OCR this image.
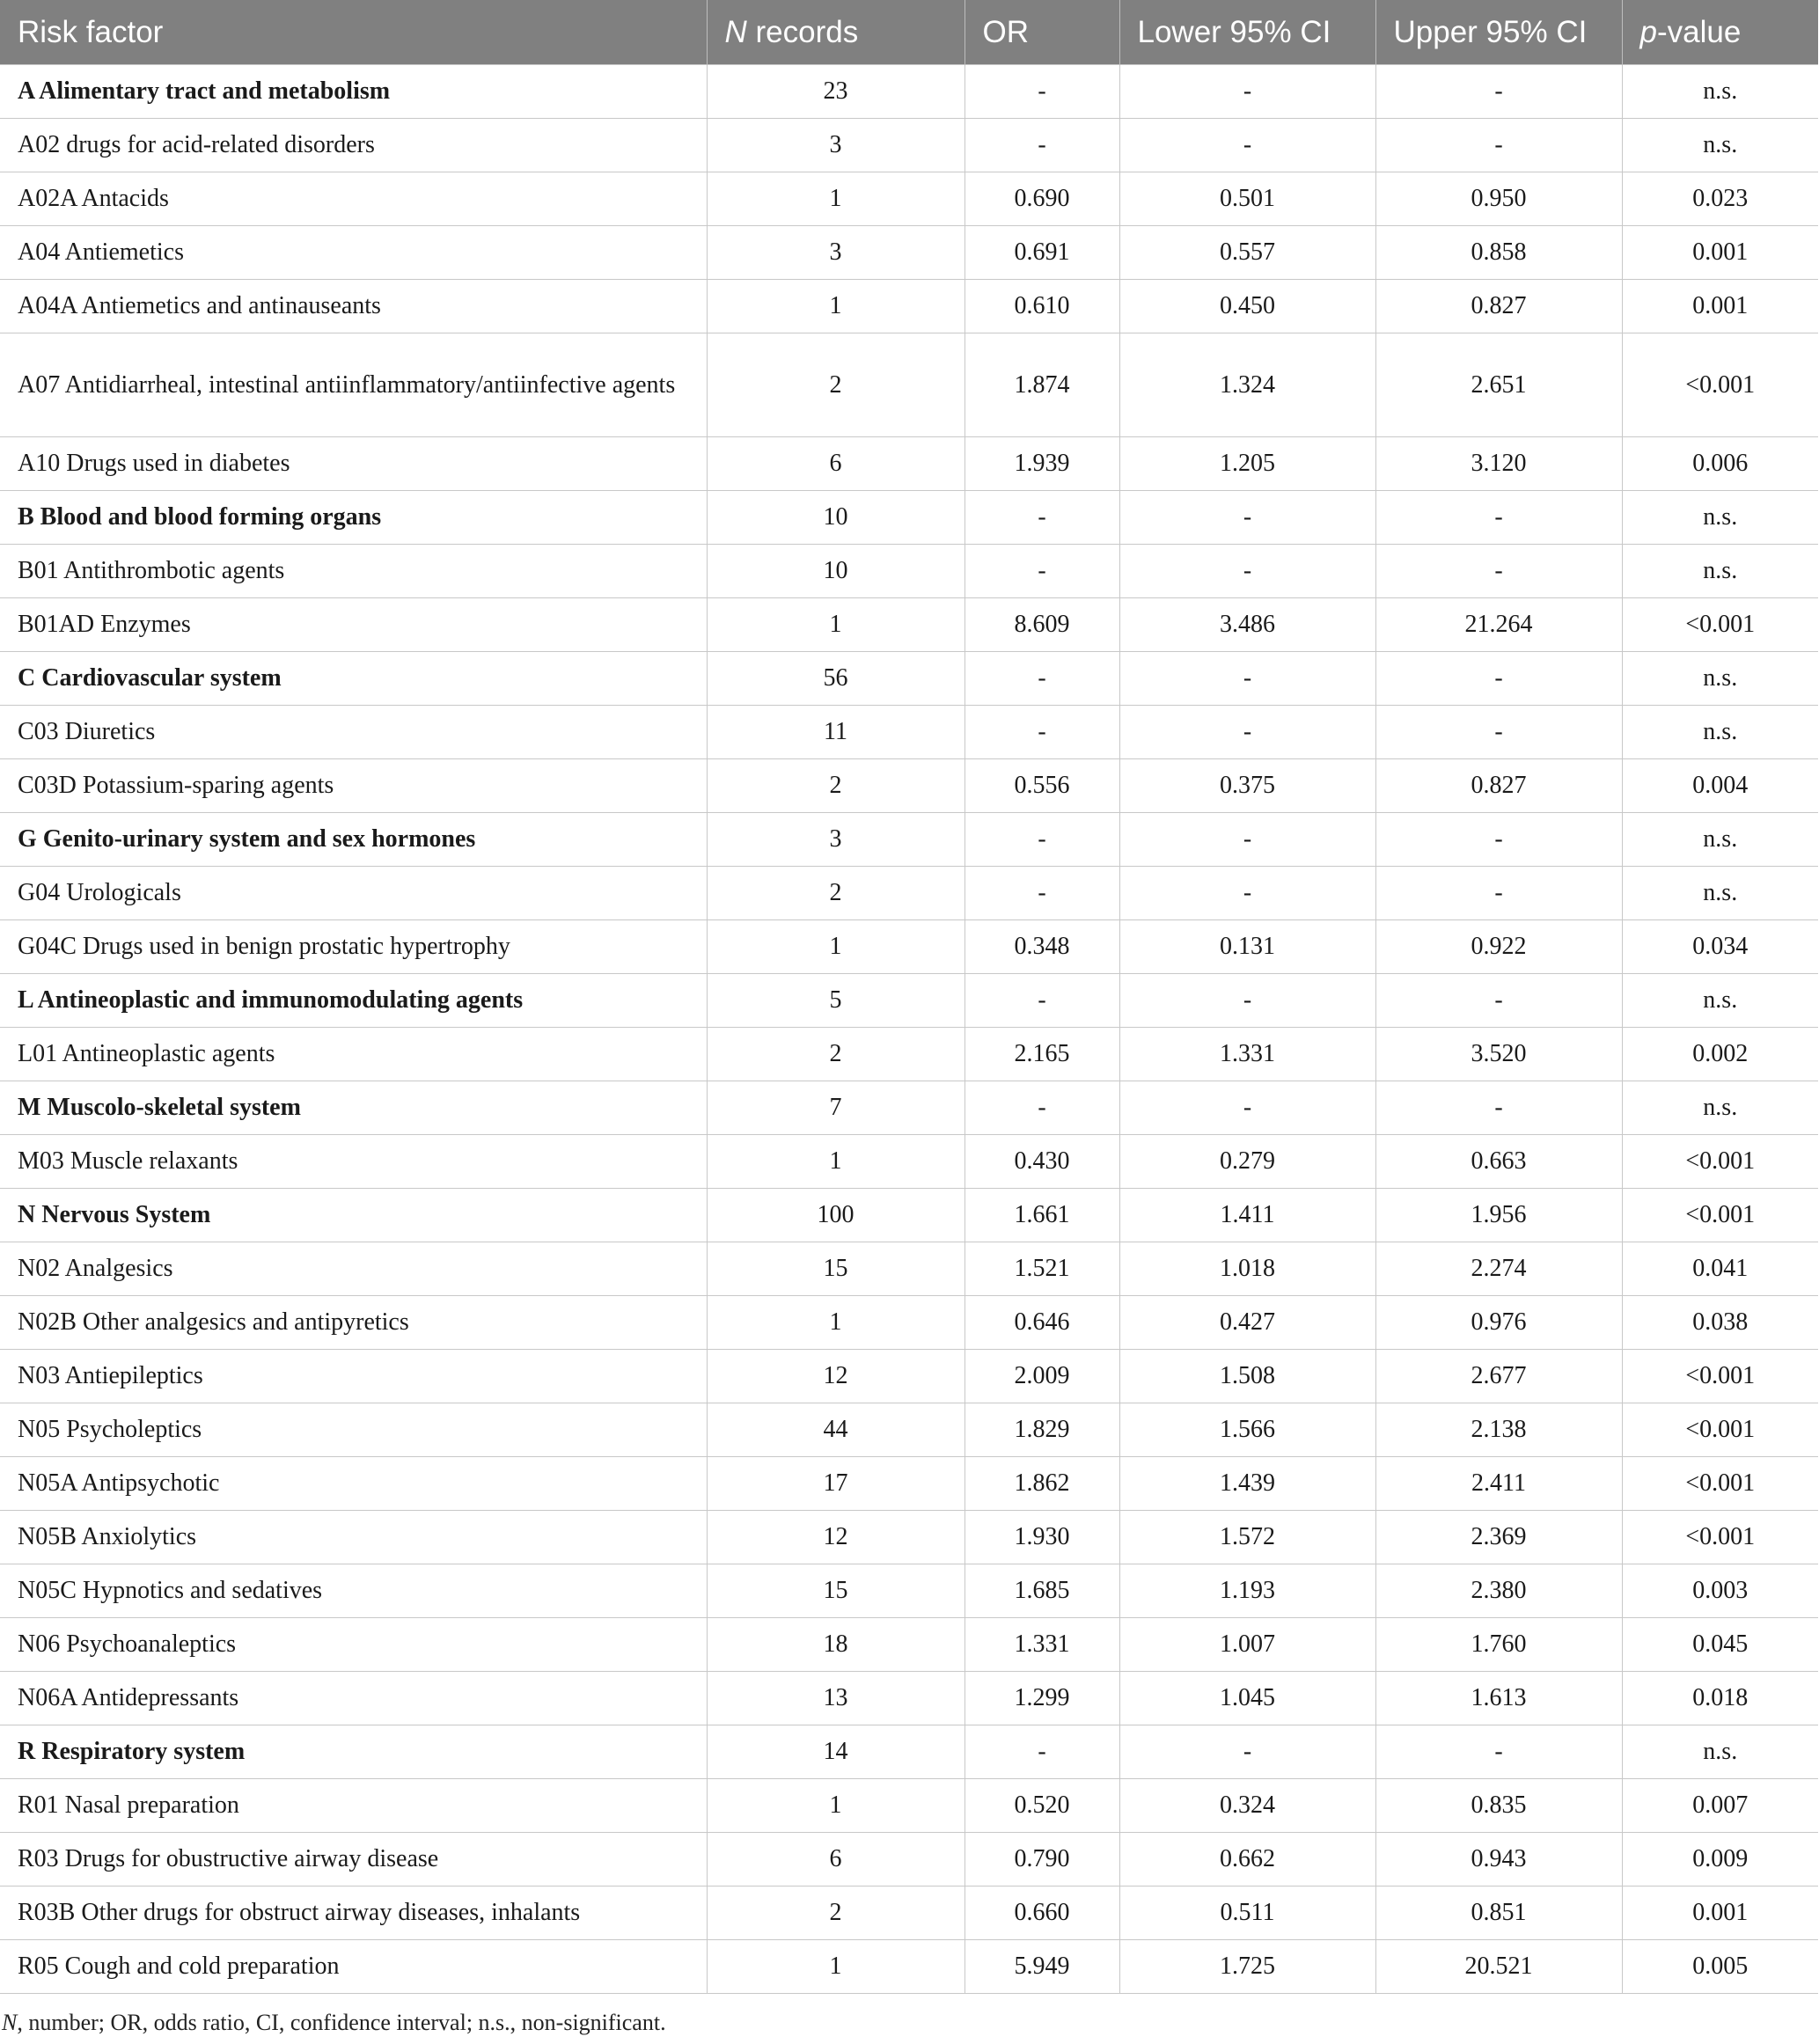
Risk factor	N records	OR	Lower 95% CI	Upper 95% CI	p-value
A Alimentary tract and metabolism	23	-	-	-	n.s.
A02 drugs for acid-related disorders	3	-	-	-	n.s.
A02A Antacids	1	0.690	0.501	0.950	0.023
A04 Antiemetics	3	0.691	0.557	0.858	0.001
A04A Antiemetics and antinauseants	1	0.610	0.450	0.827	0.001
A07 Antidiarrheal, intestinal antiinflammatory/antiinfective agents	2	1.874	1.324	2.651	<0.001
A10 Drugs used in diabetes	6	1.939	1.205	3.120	0.006
B Blood and blood forming organs	10	-	-	-	n.s.
B01 Antithrombotic agents	10	-	-	-	n.s.
B01AD Enzymes	1	8.609	3.486	21.264	<0.001
C Cardiovascular system	56	-	-	-	n.s.
C03 Diuretics	11	-	-	-	n.s.
C03D Potassium-sparing agents	2	0.556	0.375	0.827	0.004
G Genito-urinary system and sex hormones	3	-	-	-	n.s.
G04 Urologicals	2	-	-	-	n.s.
G04C Drugs used in benign prostatic hypertrophy	1	0.348	0.131	0.922	0.034
L Antineoplastic and immunomodulating agents	5	-	-	-	n.s.
L01 Antineoplastic agents	2	2.165	1.331	3.520	0.002
M Muscolo-skeletal system	7	-	-	-	n.s.
M03 Muscle relaxants	1	0.430	0.279	0.663	<0.001
N Nervous System	100	1.661	1.411	1.956	<0.001
N02 Analgesics	15	1.521	1.018	2.274	0.041
N02B Other analgesics and antipyretics	1	0.646	0.427	0.976	0.038
N03 Antiepileptics	12	2.009	1.508	2.677	<0.001
N05 Psycholeptics	44	1.829	1.566	2.138	<0.001
N05A Antipsychotic	17	1.862	1.439	2.411	<0.001
N05B Anxiolytics	12	1.930	1.572	2.369	<0.001
N05C Hypnotics and sedatives	15	1.685	1.193	2.380	0.003
N06 Psychoanaleptics	18	1.331	1.007	1.760	0.045
N06A Antidepressants	13	1.299	1.045	1.613	0.018
R Respiratory system	14	-	-	-	n.s.
R01 Nasal preparation	1	0.520	0.324	0.835	0.007
R03 Drugs for obustructive airway disease	6	0.790	0.662	0.943	0.009
R03B Other drugs for obstruct airway diseases, inhalants	2	0.660	0.511	0.851	0.001
R05 Cough and cold preparation	1	5.949	1.725	20.521	0.005
N, number; OR, odds ratio, CI, confidence interval; n.s., non-significant.
